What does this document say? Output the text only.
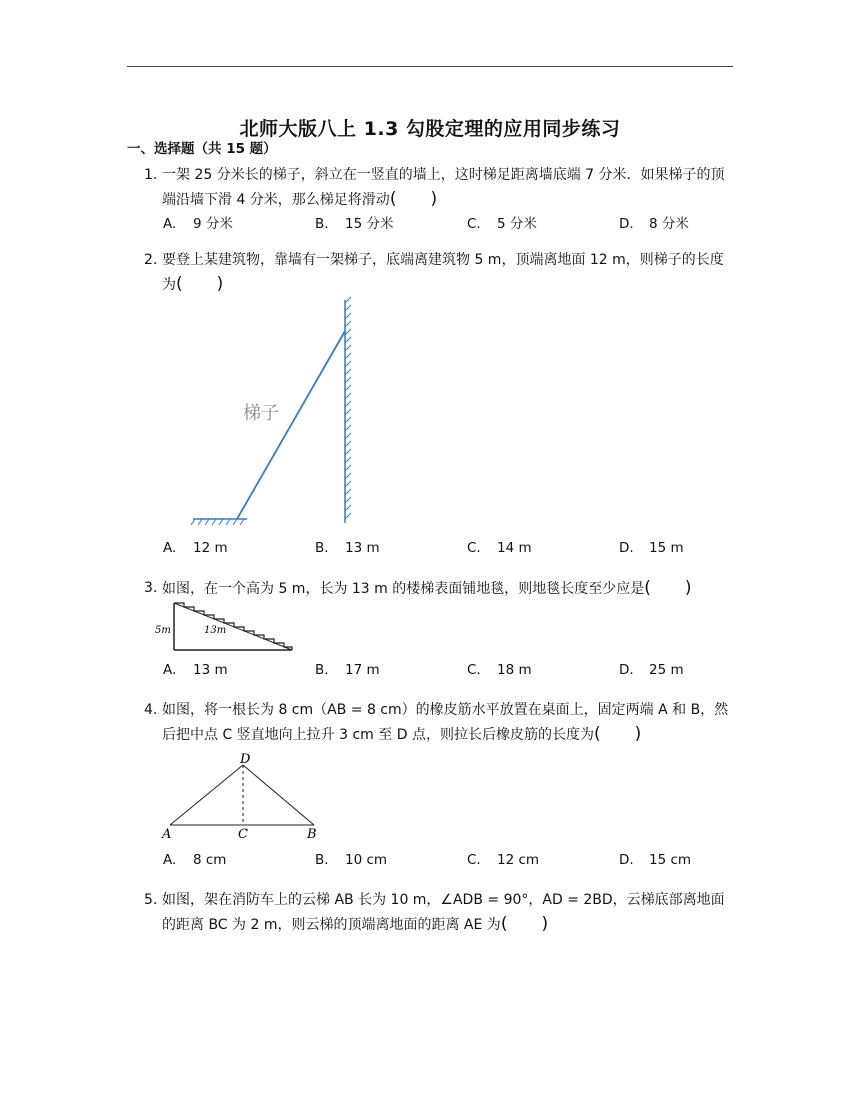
北师大版八上 1.3 勾股定理的应用同步练习
一、选择题（共 15 题）
1. 一架 25 分米长的梯子，斜立在一竖直的墙上，这时梯足距离墙底端 7 分米．如果梯子的顶端沿墙下滑 4 分米，那么梯足将滑动(　　)
A. 9 分米	B. 15 分米	C. 5 分米	D. 8 分米
2. 要登上某建筑物，靠墙有一架梯子，底端离建筑物 5 m，顶端离地面 12 m，则梯子的长度为(　　)
梯子
A. 12 m	B. 13 m	C. 14 m	D. 15 m
3. 如图，在一个高为 5 m，长为 13 m 的楼梯表面铺地毯，则地毯长度至少应是(　　)
5m	13m
A. 13 m	B. 17 m	C. 18 m	D. 25 m
4. 如图，将一根长为 8 cm（AB = 8 cm）的橡皮筋水平放置在桌面上，固定两端 A 和 B，然后把中点 C 竖直地向上拉升 3 cm 至 D 点，则拉长后橡皮筋的长度为(　　)
D
A	C	B
A. 8 cm	B. 10 cm	C. 12 cm	D. 15 cm
5. 如图，架在消防车上的云梯 AB 长为 10 m，∠ADB = 90°，AD = 2BD，云梯底部离地面的距离 BC 为 2 m，则云梯的顶端离地面的距离 AE 为(　　)
